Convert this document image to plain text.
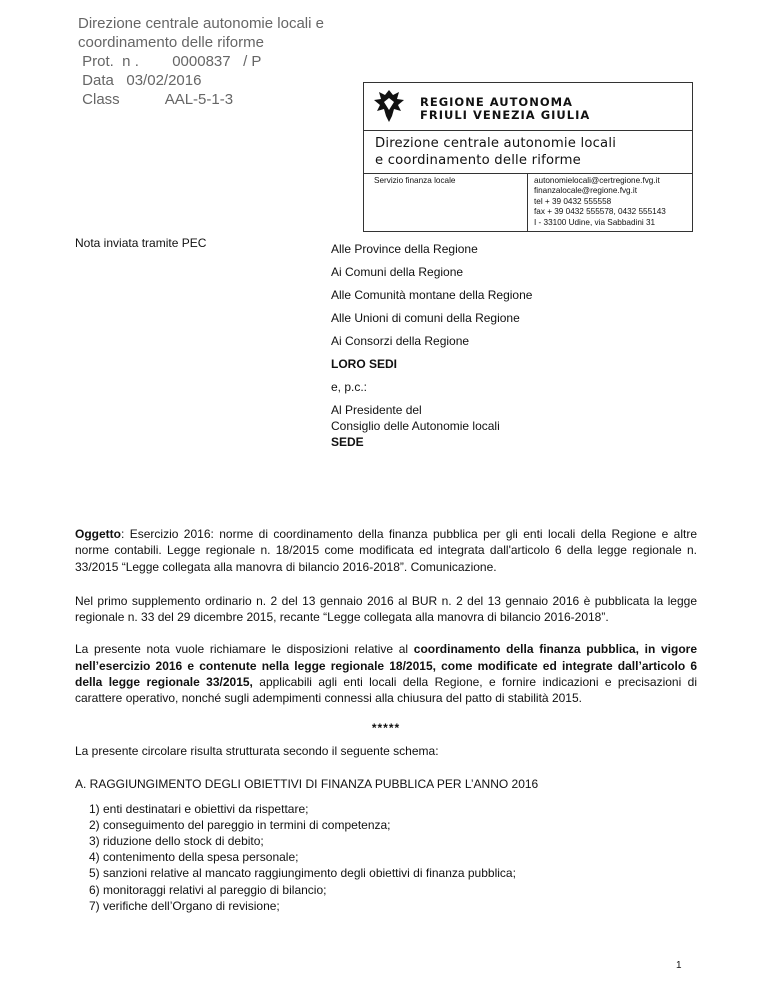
Direzione centrale autonomie locali e
coordinamento delle riforme
Prot.  n . 0000837   / P
Data 03/02/2016
Class	AAL-5-1-3	REGIONE AUTONOMA
FRIULI VENEZIA GIULIA
Direzione centrale autonomie locali
e coordinamento delle riforme
Servizio finanza locale	autonomielocali@certregione.fvg.it
finanzalocale@regione.fvg.it
tel + 39 0432 555558
fax + 39 0432 555578, 0432 555143
I - 33100 Udine, via Sabbadini 31
Nota inviata tramite PEC	Alle Province della Regione
Ai Comuni della Regione
Alle Comunità montane della Regione
Alle Unioni di comuni della Regione
Ai Consorzi della Regione
LORO SEDI
e, p.c.:
Al Presidente del
Consiglio delle Autonomie locali
SEDE

Oggetto: Esercizio 2016: norme di coordinamento della finanza pubblica per gli enti locali della Regione e altre norme contabili. Legge regionale n. 18/2015 come modificata ed integrata dall'articolo 6 della legge regionale n. 33/2015 “Legge collegata alla manovra di bilancio 2016-2018”. Comunicazione.

Nel primo supplemento ordinario n. 2 del 13 gennaio 2016 al BUR n. 2 del 13 gennaio 2016 è pubblicata la legge regionale n. 33 del 29 dicembre 2015, recante “Legge collegata alla manovra di bilancio 2016-2018”.

La presente nota vuole richiamare le disposizioni relative al coordinamento della finanza pubblica, in vigore nell’esercizio 2016 e contenute nella legge regionale 18/2015, come modificate ed integrate dall’articolo 6 della legge regionale 33/2015, applicabili agli enti locali della Regione, e fornire indicazioni e precisazioni di carattere operativo, nonché sugli adempimenti connessi alla chiusura del patto di stabilità 2015.

*****

La presente circolare risulta strutturata secondo il seguente schema:

A. RAGGIUNGIMENTO DEGLI OBIETTIVI DI FINANZA PUBBLICA PER L’ANNO 2016

1) enti destinatari e obiettivi da rispettare;
2) conseguimento del pareggio in termini di competenza;
3) riduzione dello stock di debito;
4) contenimento della spesa personale;
5) sanzioni relative al mancato raggiungimento degli obiettivi di finanza pubblica;
6) monitoraggi relativi al pareggio di bilancio;
7) verifiche dell’Organo di revisione;
1
